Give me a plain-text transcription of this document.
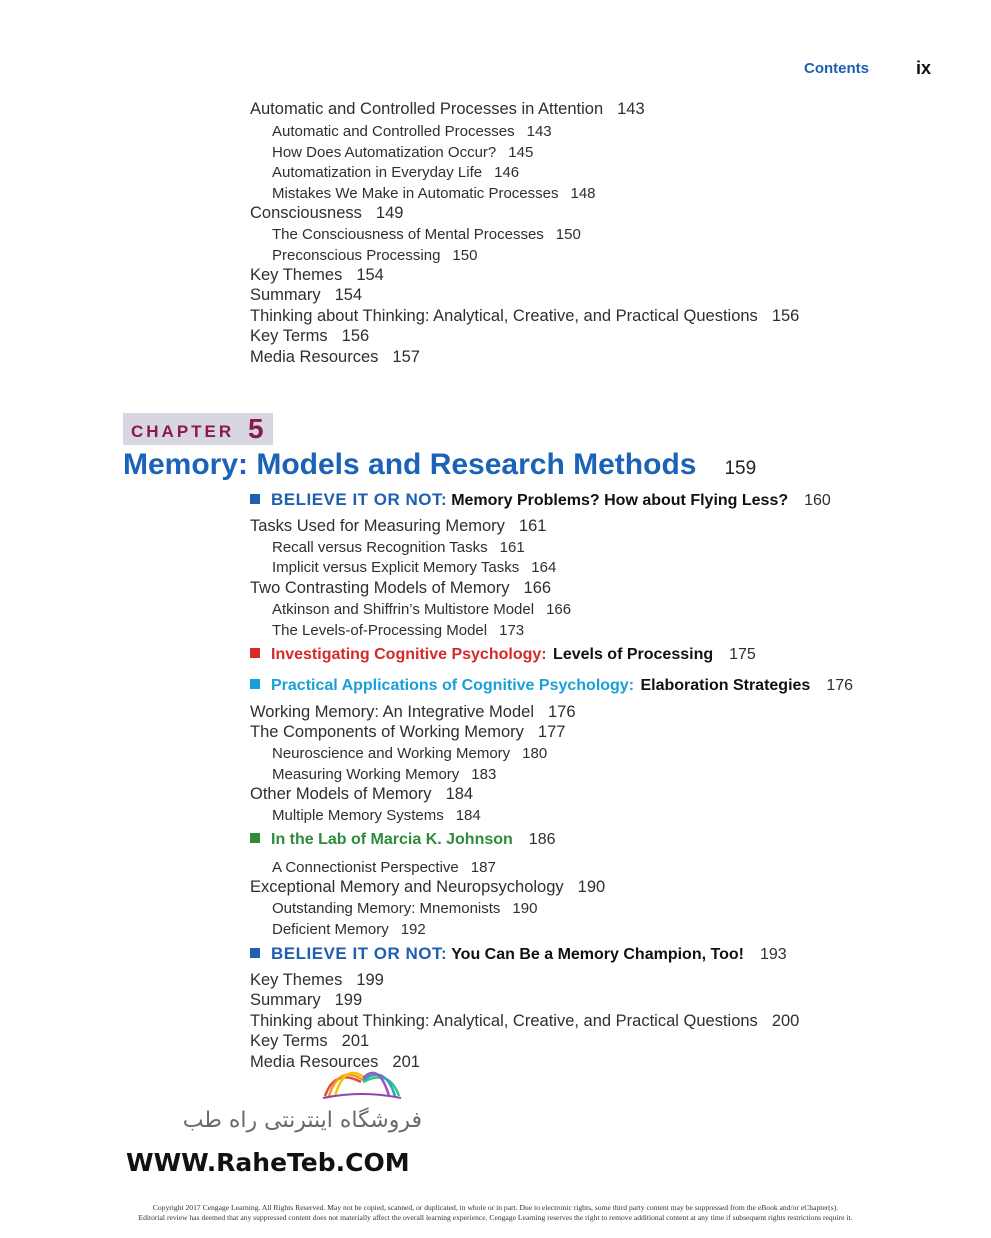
Contents	ix
Automatic and Controlled Processes in Attention 143
Automatic and Controlled Processes 143
How Does Automatization Occur? 145
Automatization in Everyday Life 146
Mistakes We Make in Automatic Processes 148
Consciousness 149
The Consciousness of Mental Processes 150
Preconscious Processing 150
Key Themes 154
Summary 154
Thinking about Thinking: Analytical, Creative, and Practical Questions 156
Key Terms 156
Media Resources 157
CHAPTER 5
Memory: Models and Research Methods 159
BELIEVE IT OR NOT: Memory Problems? How about Flying Less? 160
Tasks Used for Measuring Memory 161
Recall versus Recognition Tasks 161
Implicit versus Explicit Memory Tasks 164
Two Contrasting Models of Memory 166
Atkinson and Shiffrin’s Multistore Model 166
The Levels-of-Processing Model 173
Investigating Cognitive Psychology: Levels of Processing 175
Practical Applications of Cognitive Psychology: Elaboration Strategies 176
Working Memory: An Integrative Model 176
The Components of Working Memory 177
Neuroscience and Working Memory 180
Measuring Working Memory 183
Other Models of Memory 184
Multiple Memory Systems 184
In the Lab of Marcia K. Johnson 186
A Connectionist Perspective 187
Exceptional Memory and Neuropsychology 190
Outstanding Memory: Mnemonists 190
Deficient Memory 192
BELIEVE IT OR NOT: You Can Be a Memory Champion, Too! 193
Key Themes 199
Summary 199
Thinking about Thinking: Analytical, Creative, and Practical Questions 200
Key Terms 201
Media Resources 201
فروشگاه اینترنتی راه طب
WWW.RaheTeb.COM
Copyright 2017 Cengage Learning. All Rights Reserved. May not be copied, scanned, or duplicated, in whole or in part. Due to electronic rights, some third party content may be suppressed from the eBook and/or eChapter(s).
Editorial review has deemed that any suppressed content does not materially affect the overall learning experience. Cengage Learning reserves the right to remove additional content at any time if subsequent rights restrictions require it.
